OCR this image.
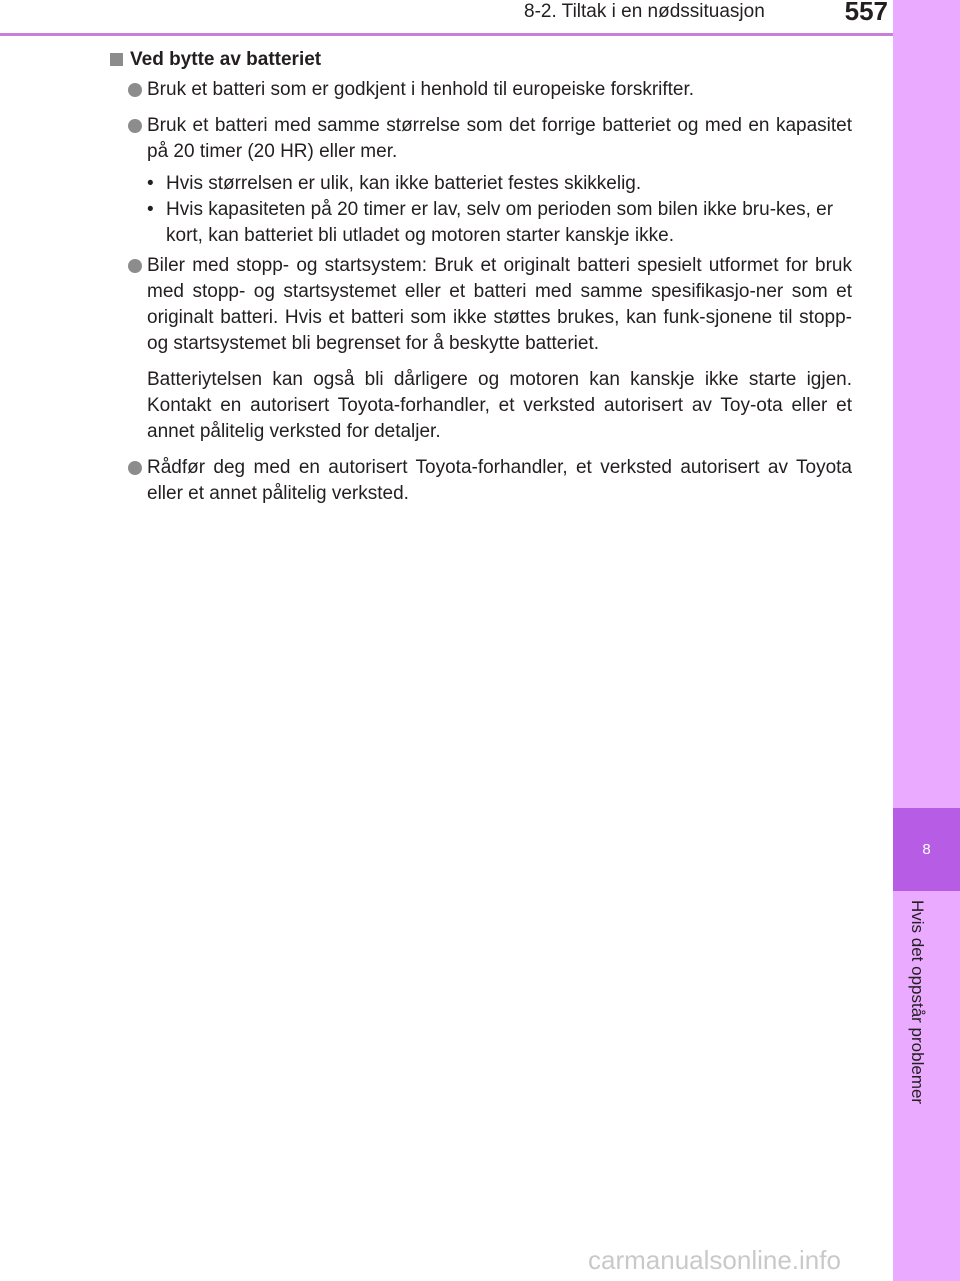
8-2. Tiltak i en nødssituasjon	557
8
Hvis det oppstår problemer
Ved bytte av batteriet
Bruk et batteri som er godkjent i henhold til europeiske forskrifter.
Bruk et batteri med samme størrelse som det forrige batteriet og med en kapasitet på 20 timer (20 HR) eller mer.
• Hvis størrelsen er ulik, kan ikke batteriet festes skikkelig.
• Hvis kapasiteten på 20 timer er lav, selv om perioden som bilen ikke bru-kes, er kort, kan batteriet bli utladet og motoren starter kanskje ikke.
Biler med stopp- og startsystem: Bruk et originalt batteri spesielt utformet for bruk med stopp- og startsystemet eller et batteri med samme spesifikasjo-ner som et originalt batteri. Hvis et batteri som ikke støttes brukes, kan funk-sjonene til stopp- og startsystemet bli begrenset for å beskytte batteriet.
Batteriytelsen kan også bli dårligere og motoren kan kanskje ikke starte igjen. Kontakt en autorisert Toyota-forhandler, et verksted autorisert av Toy-ota eller et annet pålitelig verksted for detaljer.
Rådfør deg med en autorisert Toyota-forhandler, et verksted autorisert av Toyota eller et annet pålitelig verksted.
carmanualsonline.info
